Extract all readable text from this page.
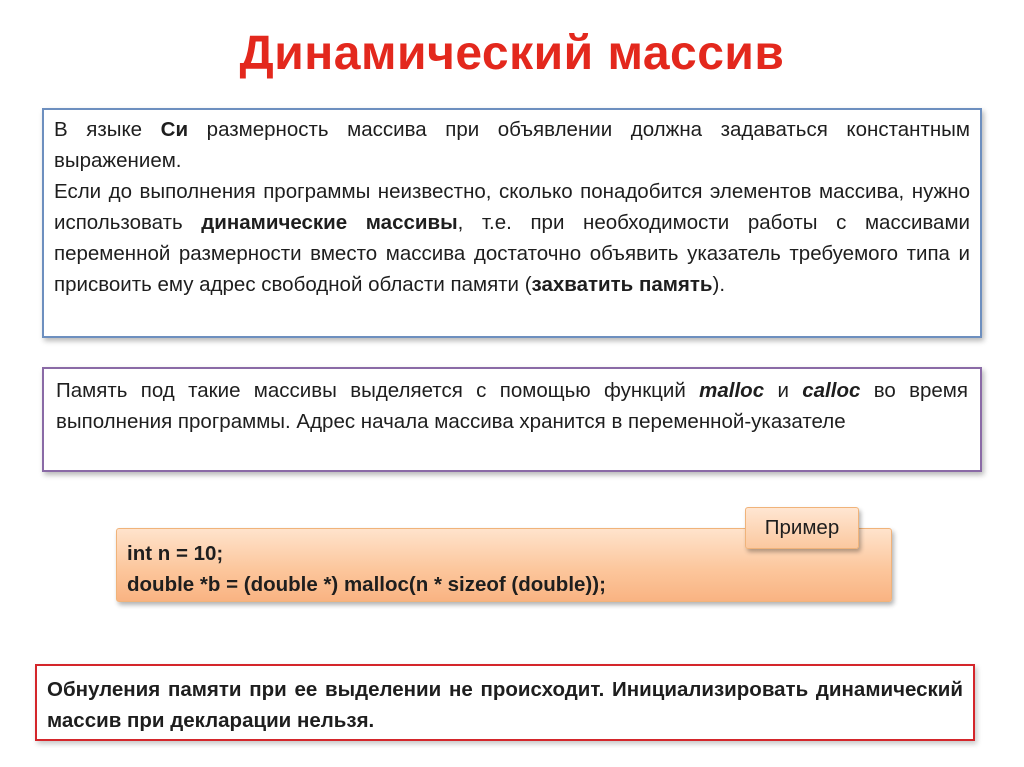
Динамический массив

В языке Си размерность массива при объявлении должна задаваться константным выражением.

Если до выполнения программы неизвестно, сколько понадобится элементов массива, нужно использовать динамические массивы, т.е. при необходимости работы с массивами переменной размерности вместо массива достаточно объявить указатель требуемого типа и присвоить ему адрес свободной области памяти (захватить память).

Память под такие массивы выделяется с помощью функций malloc и calloc во время выполнения программы. Адрес начала массива хранится в переменной-указателе

int n = 10;
double *b = (double *) malloc(n * sizeof (double));
Пример

Обнуления памяти при ее выделении не происходит. Инициализировать динамический массив при декларации нельзя.
